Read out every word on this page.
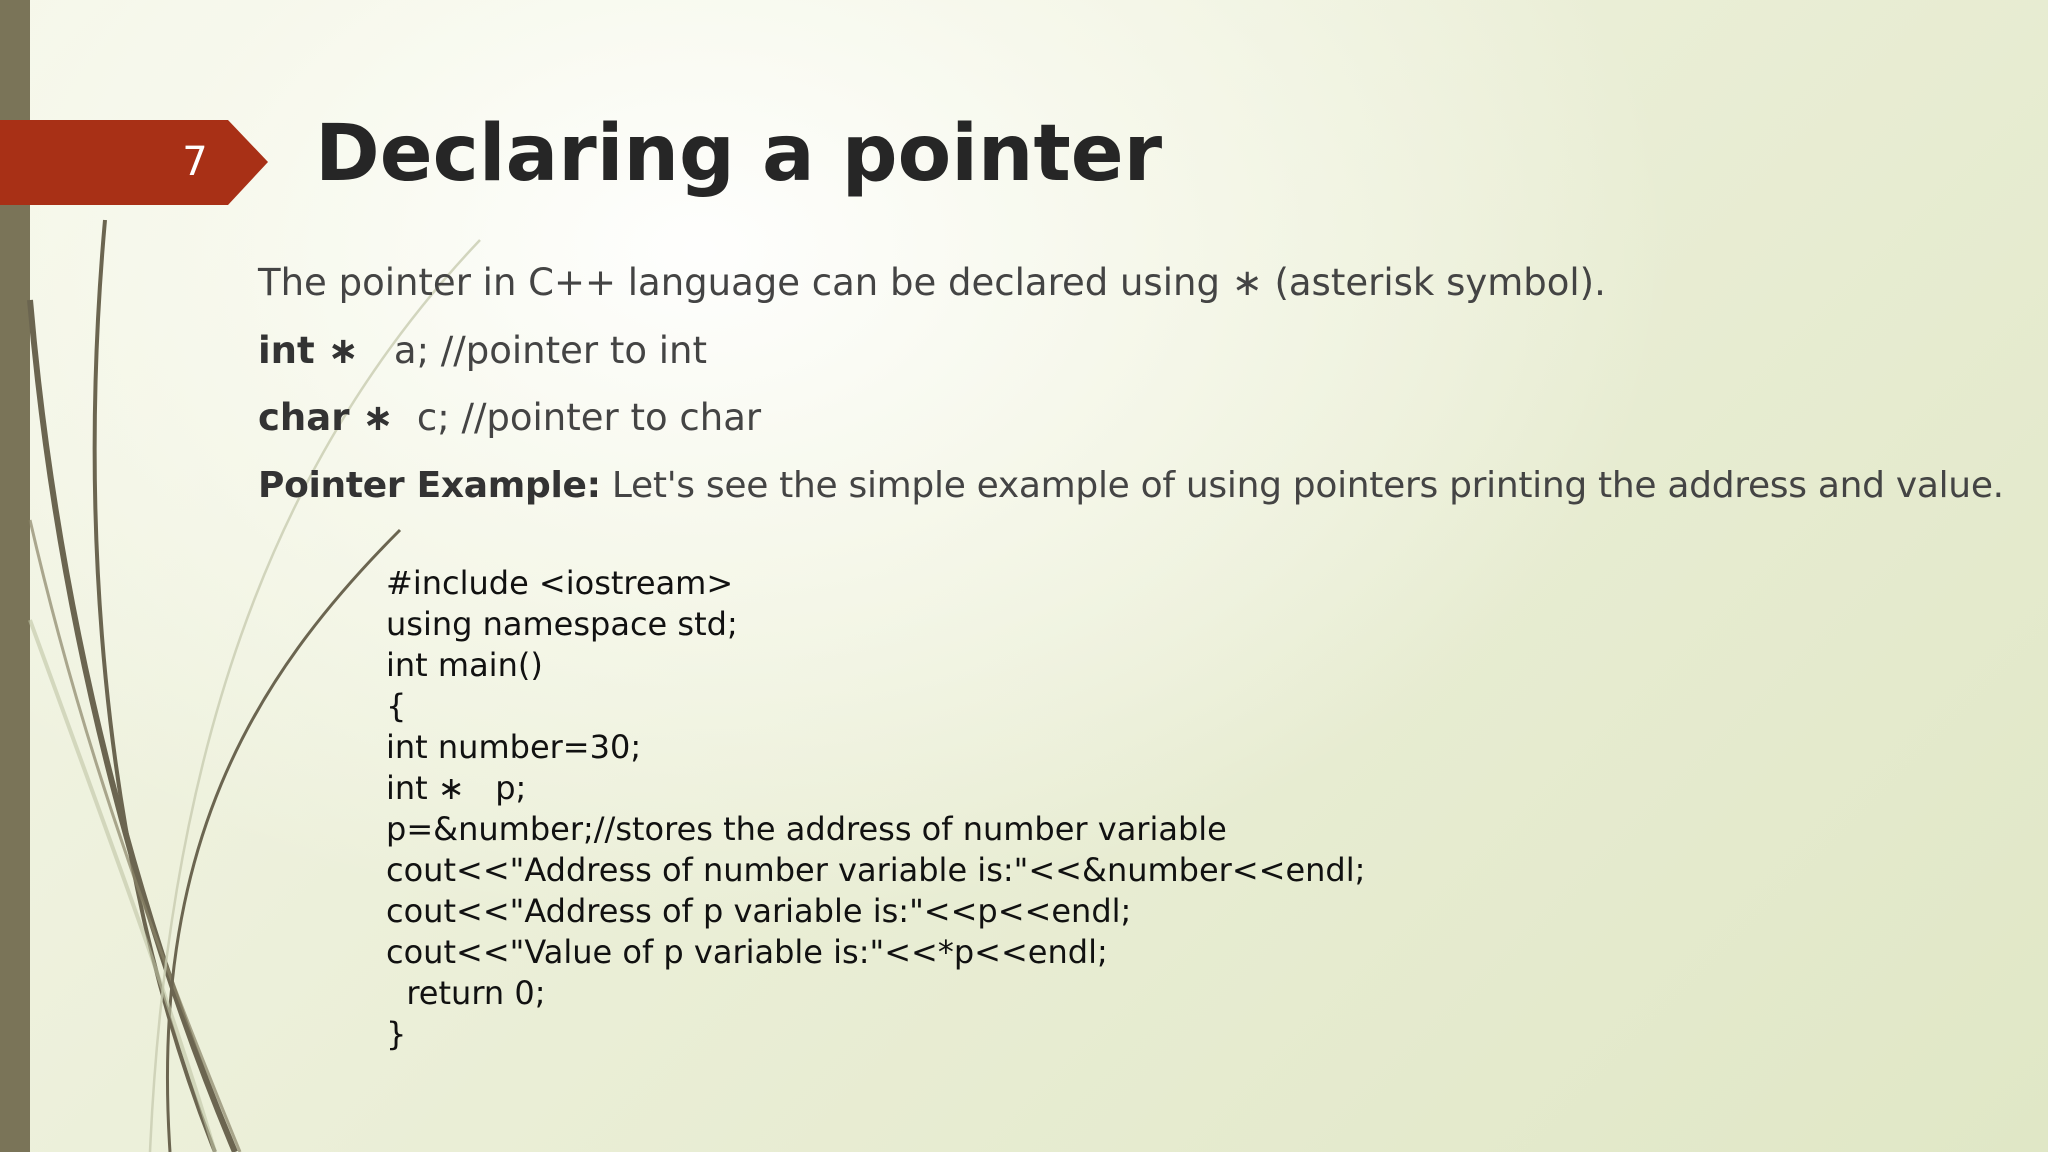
7 Declaring a pointer

The pointer in C++ language can be declared using ∗ (asterisk symbol).

int ∗ a; //pointer to int

char ∗ c; //pointer to char

Pointer Example: Let's see the simple example of using pointers printing the address and value.

#include <iostream>
using namespace std;
int main()
{
int number=30;
int ∗   p;
p=&number;//stores the address of number variable
cout<<"Address of number variable is:"<<&number<<endl;
cout<<"Address of p variable is:"<<p<<endl;
cout<<"Value of p variable is:"<<*p<<endl;
return 0;
}
